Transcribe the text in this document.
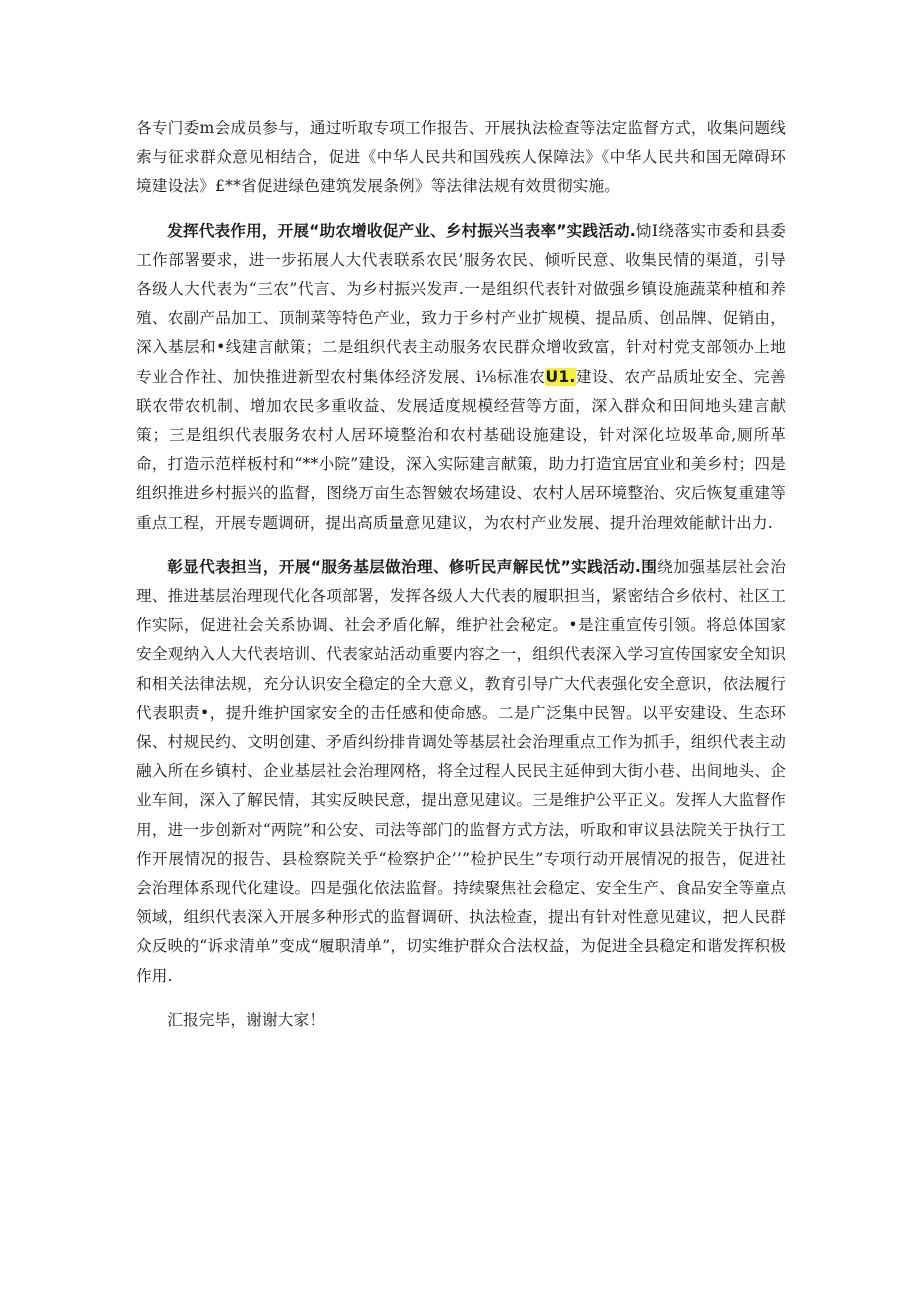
各专门委m会成员参与，通过听取专项工作报告、开展执法检查等法定监督方式，收集问题线索与征求群众意见相结合，促进《中华人民共和国残疾人保障法》《中华人民共和国无障碍环境建设法》£**省促进绿色建筑发展条例》等法律法规有效贯彻实施。

发挥代表作用，开展“助农增收促产业、乡村振兴当表率”实践活动.恸I绕落实市委和县委工作部署要求，进一步拓展人大代表联系农民’服务农民、倾听民意、收集民情的渠道，引导各级人大代表为“三农”代言、为乡村振兴发声.一是组织代表针对做强乡镇设施蔬菜种植和养殖、农副产品加工、顶制菜等特色产业，致力于乡村产业扩规模、提品质、创品牌、促销由，深入基层和•线建言献策；二是组织代表主动服务农民群众增收致富，针对村党支部领办上地专业合作社、加快推进新型农村集体经济发展、i⅛标准农U1.建设、农产品质址安全、完善联农带农机制、增加农民多重收益、发展适度规模经营等方面，深入群众和田间地头建言献策；三是组织代表服务农村人居环境整治和农村基础设施建设，针对深化垃圾革命,厕所革命，打造示范样板村和“**小院”建设，深入实际建言献策，助力打造宜居宜业和美乡村；四是组织推进乡村振兴的监督，图绕万亩生态智皴农场建设、农村人居环境整治、灾后恢复重建等重点工程，开展专题调研，提出高质量意见建议，为农村产业发展、提升治理效能献计出力.

彰显代表担当，开展“服务基层做治理、修听民声解民忧”实践活动.围绕加强基层社会治理、推进基层治理现代化各项部署，发挥各级人大代表的履职担当，紧密结合乡依村、社区工作实际，促进社会关系协调、社会矛盾化解，维护社会秘定。•是注重宣传引领。将总体国家安全观纳入人大代表培训、代表家站活动重要内容之一，组织代表深入学习宣传国家安全知识和相关法律法规，充分认识安全稳定的全大意义，教育引导广大代表强化安全意识，依法履行代表职责•，提升维护国家安全的击任感和使命感。二是广泛集中民智。以平安建设、生态环保、村规民约、文明创建、矛盾纠纷排肯调处等基层社会治理重点工作为抓手，组织代表主动融入所在乡镇村、企业基层社会治理网格，将全过程人民民主延伸到大街小巷、出间地头、企业车间，深入了解民情，其实反映民意，提出意见建议。三是维护公平正义。发挥人大监督作用，进一步创新对“两院”和公安、司法等部门的监督方式方法，听取和审议县法院关于执行工作开展情况的报告、县检察院关乎“检察护企’’”检护民生”专项行动开展情况的报告，促进社会治理体系现代化建设。四是强化依法监督。持续聚焦社会稳定、安全生产、食品安全等童点领域，组织代表深入开展多种形式的监督调研、执法检查，提出有针对性意见建议，把人民群众反映的“诉求清单”变成“履职清单”，切实维护群众合法权益，为促进全县稳定和谐发挥积极作用.

汇报完毕，谢谢大家！
